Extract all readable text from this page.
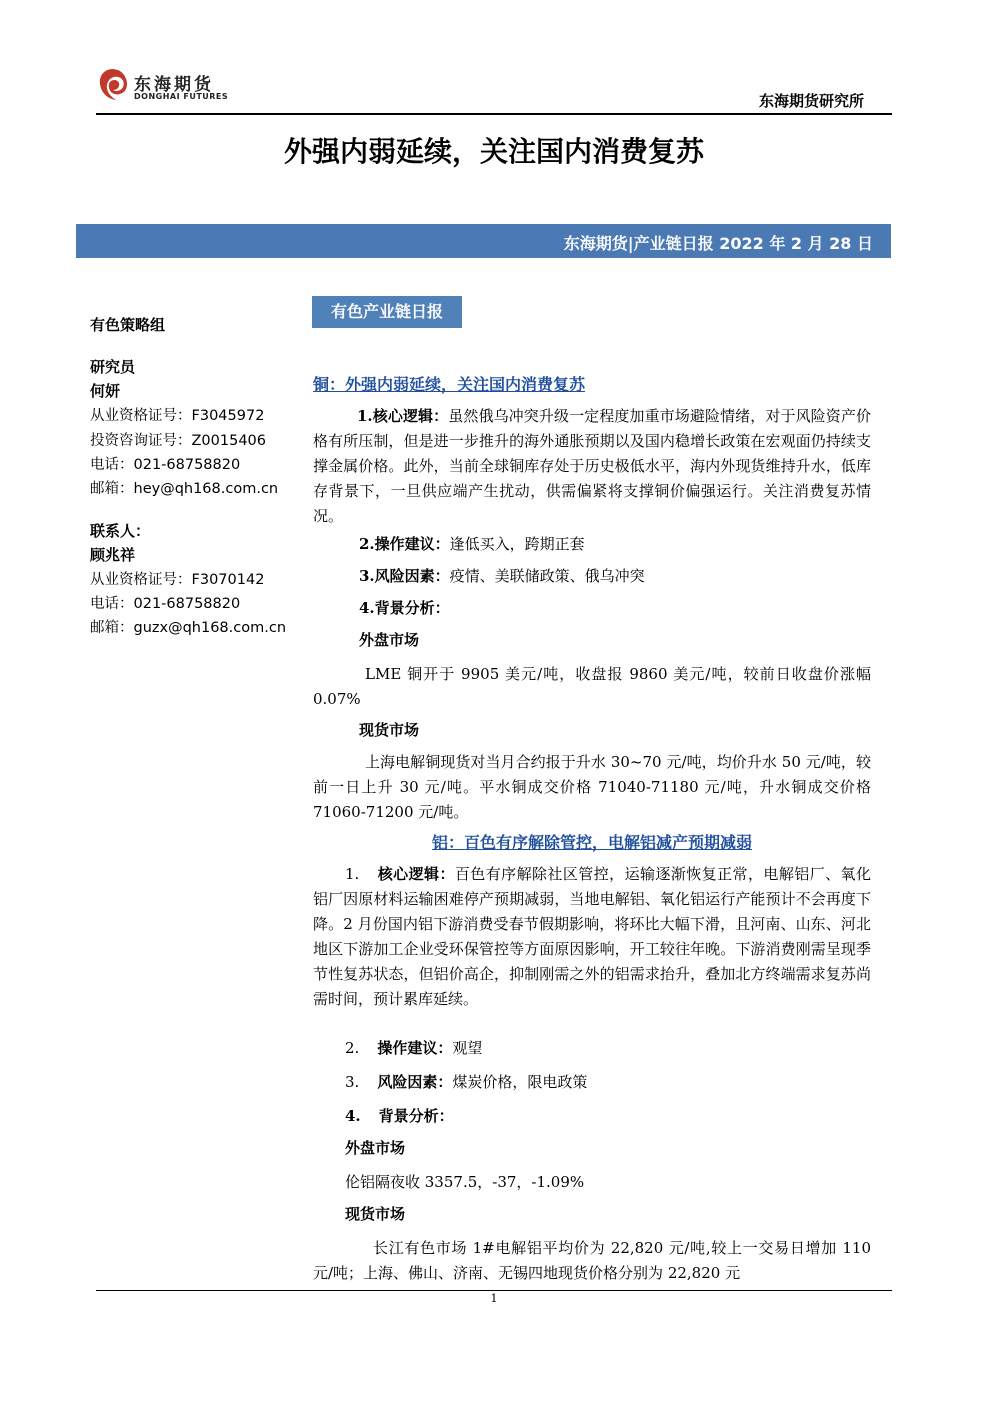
东海期货
DONGHAI FUTURES	东海期货研究所
外强内弱延续，关注国内消费复苏
东海期货|产业链日报 2022 年 2 月 28 日
有色策略组
研究员
何妍
从业资格证号：F3045972
投资咨询证号：Z0015406
电话：021-68758820
邮箱：hey@qh168.com.cn
联系人：
顾兆祥
从业资格证号：F3070142
电话：021-68758820
邮箱：guzx@qh168.com.cn
有色产业链日报
铜：外强内弱延续，关注国内消费复苏
1.核心逻辑：虽然俄乌冲突升级一定程度加重市场避险情绪，对于风险资产价格有所压制，但是进一步推升的海外通胀预期以及国内稳增长政策在宏观面仍持续支撑金属价格。此外，当前全球铜库存处于历史极低水平，海内外现货维持升水，低库存背景下，一旦供应端产生扰动，供需偏紧将支撑铜价偏强运行。关注消费复苏情况。
2.操作建议：逢低买入，跨期正套
3.风险因素：疫情、美联储政策、俄乌冲突
4.背景分析：
外盘市场
LME 铜开于 9905 美元/吨，收盘报 9860 美元/吨，较前日收盘价涨幅 0.07%
现货市场
上海电解铜现货对当月合约报于升水 30~70 元/吨，均价升水 50 元/吨，较前一日上升 30 元/吨。平水铜成交价格 71040-71180 元/吨，升水铜成交价格 71060-71200 元/吨。
铝：百色有序解除管控，电解铝减产预期减弱
1. 核心逻辑：百色有序解除社区管控，运输逐渐恢复正常，电解铝厂、氧化铝厂因原材料运输困难停产预期减弱，当地电解铝、氧化铝运行产能预计不会再度下降。2 月份国内铝下游消费受春节假期影响，将环比大幅下滑，且河南、山东、河北地区下游加工企业受环保管控等方面原因影响，开工较往年晚。下游消费刚需呈现季节性复苏状态，但铝价高企，抑制刚需之外的铝需求抬升，叠加北方终端需求复苏尚需时间，预计累库延续。
2. 操作建议：观望
3. 风险因素：煤炭价格，限电政策
4. 背景分析：
外盘市场
伦铝隔夜收 3357.5，-37，-1.09%
现货市场
长江有色市场 1#电解铝平均价为 22,820 元/吨,较上一交易日增加 110 元/吨；上海、佛山、济南、无锡四地现货价格分别为 22,820 元
1
